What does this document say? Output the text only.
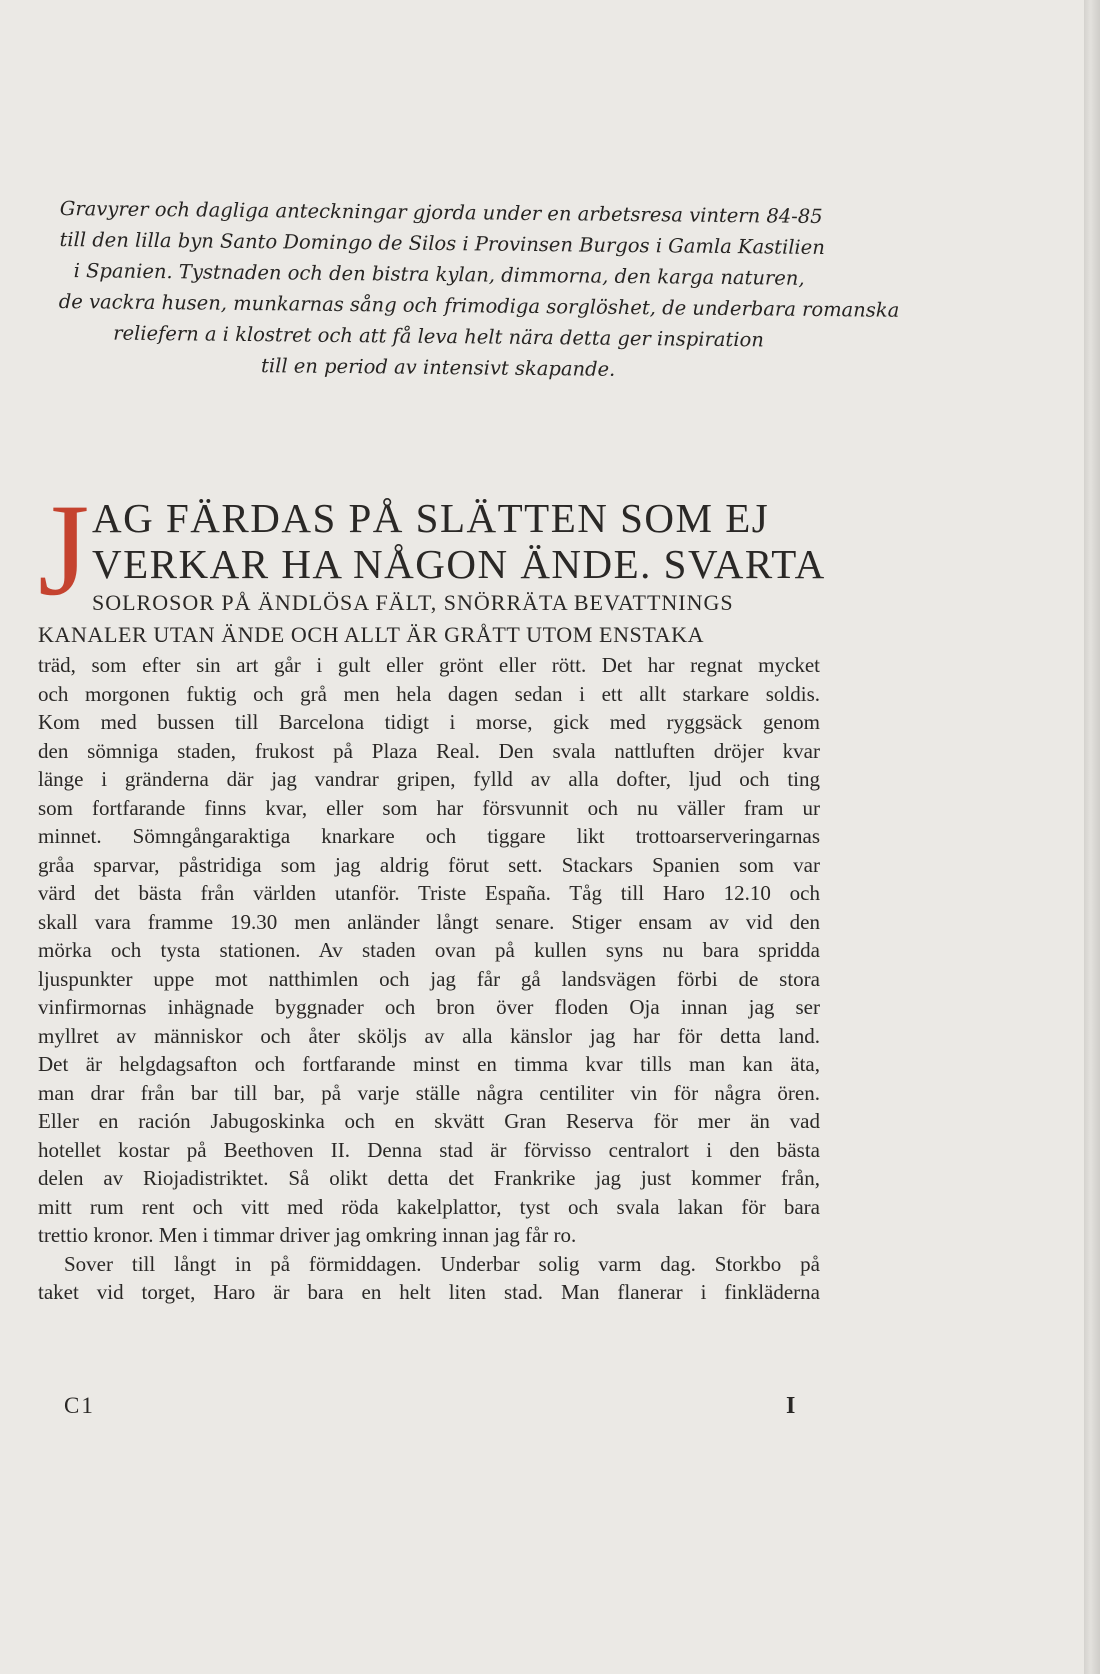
Gravyrer och dagliga anteckningar gjorda under en arbetsresa vintern 84-85
till den lilla byn Santo Domingo de Silos i Provinsen Burgos i Gamla Kastilien
i Spanien. Tystnaden och den bistra kylan, dimmorna, den karga naturen,
de vackra husen, munkarnas sång och frimodiga sorglöshet, de underbara romanska
reliefern a i klostret och att få leva helt nära detta ger inspiration
till en period av intensivt skapande.
J AG FÄRDAS PÅ SLÄTTEN SOM EJ
VERKAR HA NÅGON ÄNDE. SVARTA
SOLROSOR PÅ ÄNDLÖSA FÄLT, SNÖRRÄTA BEVATTNINGS
KANALER UTAN ÄNDE OCH ALLT ÄR GRÅTT UTOM ENSTAKA
träd, som efter sin art går i gult eller grönt eller rött. Det har regnat mycket
och morgonen fuktig och grå men hela dagen sedan i ett allt starkare soldis.
Kom med bussen till Barcelona tidigt i morse, gick med ryggsäck genom
den sömniga staden, frukost på Plaza Real. Den svala nattluften dröjer kvar
länge i gränderna där jag vandrar gripen, fylld av alla dofter, ljud och ting
som fortfarande finns kvar, eller som har försvunnit och nu väller fram ur
minnet. Sömngångaraktiga knarkare och tiggare likt trottoarserveringarnas
gråa sparvar, påstridiga som jag aldrig förut sett. Stackars Spanien som var
värd det bästa från världen utanför. Triste España. Tåg till Haro 12.10 och
skall vara framme 19.30 men anländer långt senare. Stiger ensam av vid den
mörka och tysta stationen. Av staden ovan på kullen syns nu bara spridda
ljuspunkter uppe mot natthimlen och jag får gå landsvägen förbi de stora
vinfirmornas inhägnade byggnader och bron över floden Oja innan jag ser
myllret av människor och åter sköljs av alla känslor jag har för detta land.
Det är helgdagsafton och fortfarande minst en timma kvar tills man kan äta,
man drar från bar till bar, på varje ställe några centiliter vin för några ören.
Eller en ración Jabugoskinka och en skvätt Gran Reserva för mer än vad
hotellet kostar på Beethoven II. Denna stad är förvisso centralort i den bästa
delen av Riojadistriktet. Så olikt detta det Frankrike jag just kommer från,
mitt rum rent och vitt med röda kakelplattor, tyst och svala lakan för bara
trettio kronor. Men i timmar driver jag omkring innan jag får ro.
Sover till långt in på förmiddagen. Underbar solig varm dag. Storkbo på
taket vid torget, Haro är bara en helt liten stad. Man flanerar i finkläderna
C1	I
